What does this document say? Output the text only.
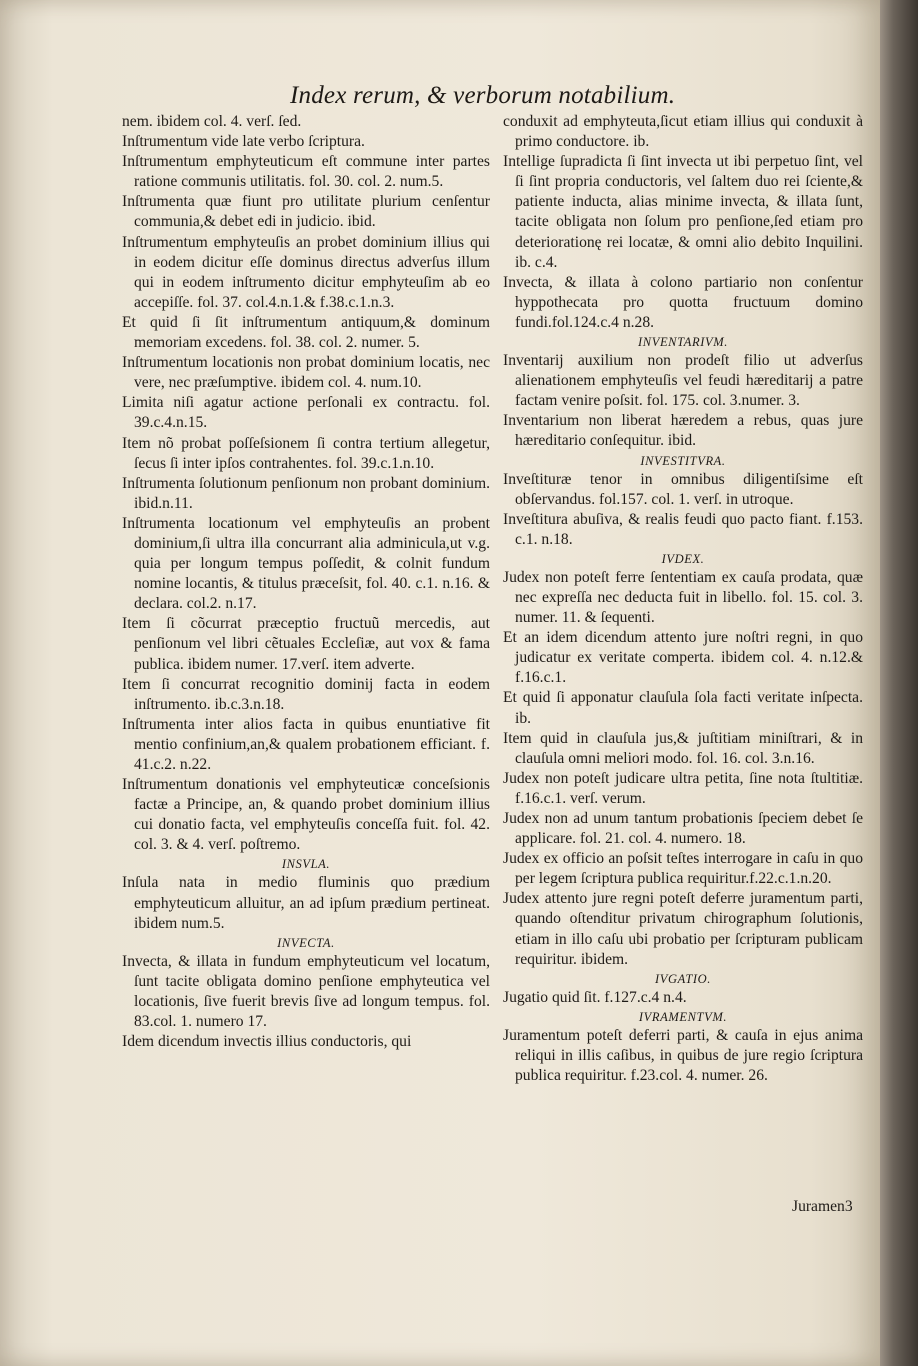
Index rerum, & verborum notabilium.

nem. ibidem col. 4. verſ. ſed.

Inſtrumentum vide late verbo ſcriptura.

Inſtrumentum emphyteuticum eſt commune inter partes ratione communis utilitatis. fol. 30. col. 2. num.5.

Inſtrumenta quæ fiunt pro utilitate plurium cenſentur communia,& debet edi in judicio. ibid.

Inſtrumentum emphyteuſis an probet dominium illius qui in eodem dicitur eſſe dominus directus adverſus illum qui in eodem inſtrumento dicitur emphyteuſim ab eo accepiſſe. fol. 37. col.4.n.1.& f.38.c.1.n.3.

Et quid ſi ſit inſtrumentum antiquum,& dominum memoriam excedens. fol. 38. col. 2. numer. 5.

Inſtrumentum locationis non probat dominium locatis, nec vere, nec præſumptive. ibidem col. 4. num.10.

Limita niſi agatur actione perſonali ex contractu. fol. 39.c.4.n.15.

Item nõ probat poſſeſsionem ſi contra tertium allegetur, ſecus ſi inter ipſos contrahentes. fol. 39.c.1.n.10.

Inſtrumenta ſolutionum penſionum non probant dominium. ibid.n.11.

Inſtrumenta locationum vel emphyteuſis an probent dominium,ſi ultra illa concurrant alia adminicula,ut v.g. quia per longum tempus poſſedit, & colnit fundum nomine locantis, & titulus præceſsit, fol. 40. c.1. n.16. & declara. col.2. n.17.

Item ſi cõcurrat præceptio fructuũ mercedis, aut penſionum vel libri cẽtuales Eccleſiæ, aut vox & fama publica. ibidem numer. 17.verſ. item adverte.

Item ſi concurrat recognitio dominij facta in eodem inſtrumento. ib.c.3.n.18.

Inſtrumenta inter alios facta in quibus enuntiative fit mentio confinium,an,& qualem probationem efficiant. f. 41.c.2. n.22.

Inſtrumentum donationis vel emphyteuticæ conceſsionis factæ a Principe, an, & quando probet dominium illius cui donatio facta, vel emphyteuſis conceſſa fuit. fol. 42. col. 3. & 4. verſ. poſtremo.

INSVLA.

Inſula nata in medio fluminis quo prædium emphyteuticum alluitur, an ad ipſum prædium pertineat. ibidem num.5.

INVECTA.

Invecta, & illata in fundum emphyteuticum vel locatum, ſunt tacite obligata domino penſione emphyteutica vel locationis, ſive fuerit brevis ſive ad longum tempus. fol. 83.col. 1. numero 17.

Idem dicendum invectis illius conductoris, qui

conduxit ad emphyteuta,ſicut etiam illius qui conduxit à primo conductore. ib.

Intellige ſupradicta ſi ſint invecta ut ibi perpetuo ſint, vel ſi ſint propria conductoris, vel ſaltem duo rei ſciente,& patiente inducta, alias minime invecta, & illata ſunt, tacite obligata non ſolum pro penſione,ſed etiam pro deteriorationę rei locatæ, & omni alio debito Inquilini. ib. c.4.

Invecta, & illata à colono partiario non conſentur hyppothecata pro quotta fructuum domino fundi.fol.124.c.4 n.28.

INVENTARIVM.

Inventarij auxilium non prodeſt filio ut adverſus alienationem emphyteuſis vel feudi hæreditarij a patre factam venire poſsit. fol. 175. col. 3.numer. 3.

Inventarium non liberat hæredem a rebus, quas jure hæreditario conſequitur. ibid.

INVESTITVRA.

Inveſtituræ tenor in omnibus diligentiſsime eſt obſervandus. fol.157. col. 1. verſ. in utroque.

Inveſtitura abuſiva, & realis feudi quo pacto fiant. f.153. c.1. n.18.

IVDEX.

Judex non poteſt ferre ſententiam ex cauſa prodata, quæ nec expreſſa nec deducta fuit in libello. fol. 15. col. 3. numer. 11. & ſequenti.

Et an idem dicendum attento jure noſtri regni, in quo judicatur ex veritate comperta. ibidem col. 4. n.12.& f.16.c.1.

Et quid ſi apponatur clauſula ſola facti veritate inſpecta. ib.

Item quid in clauſula jus,& juſtitiam miniſtrari, & in clauſula omni meliori modo. fol. 16. col. 3.n.16.

Judex non poteſt judicare ultra petita, ſine nota ſtultitiæ. f.16.c.1. verſ. verum.

Judex non ad unum tantum probationis ſpeciem debet ſe applicare. fol. 21. col. 4. numero. 18.

Judex ex officio an poſsit teſtes interrogare in caſu in quo per legem ſcriptura publica requiritur.f.22.c.1.n.20.

Judex attento jure regni poteſt deferre juramentum parti, quando oſtenditur privatum chirographum ſolutionis, etiam in illo caſu ubi probatio per ſcripturam publicam requiritur. ibidem.

IVGATIO.

Jugatio quid ſit. f.127.c.4 n.4.

IVRAMENTVM.

Juramentum poteſt deferri parti, & cauſa in ejus anima reliqui in illis caſibus, in quibus de jure regio ſcriptura publica requiritur. f.23.col. 4. numer. 26.

Juramen3
